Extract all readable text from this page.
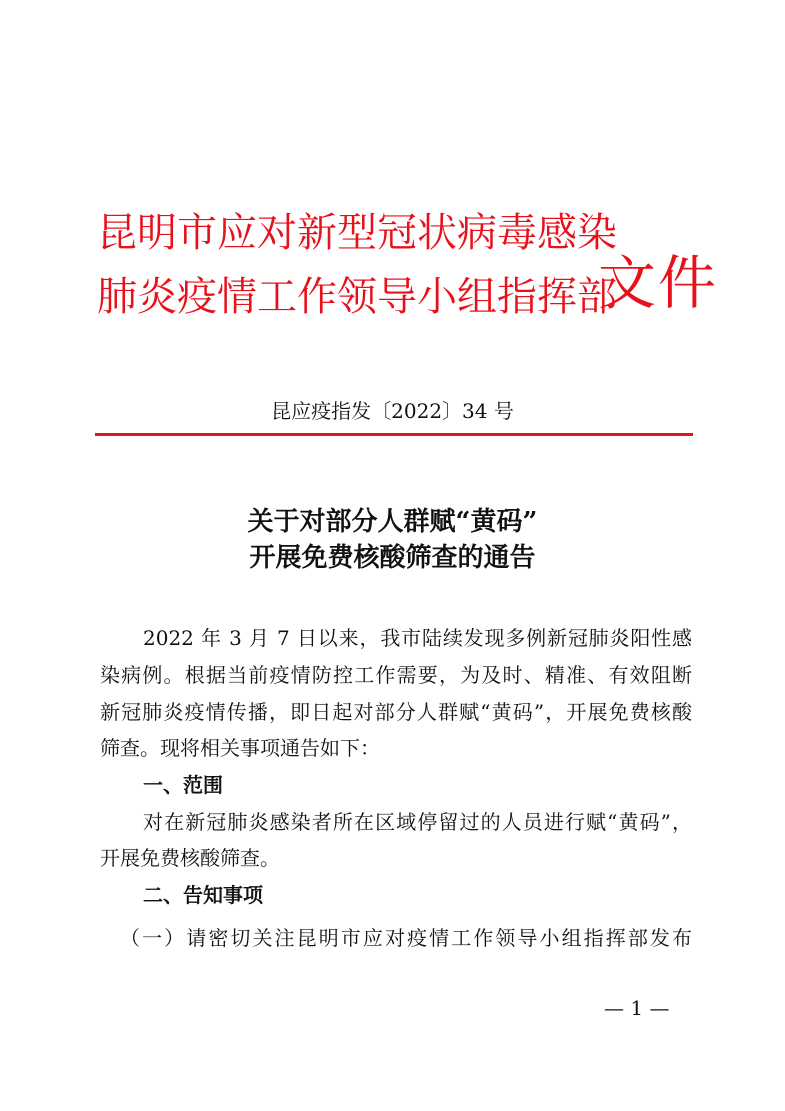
昆明市应对新型冠状病毒感染
肺炎疫情工作领导小组指挥部
文件
昆应疫指发〔2022〕34 号
关于对部分人群赋“黄码”
开展免费核酸筛查的通告
2022 年 3 月 7 日以来，我市陆续发现多例新冠肺炎阳性感
染病例。根据当前疫情防控工作需要，为及时、精准、有效阻断
新冠肺炎疫情传播，即日起对部分人群赋“黄码”，开展免费核酸
筛查。现将相关事项通告如下：
一、范围
对在新冠肺炎感染者所在区域停留过的人员进行赋“黄码”，
开展免费核酸筛查。
二、告知事项
（一）请密切关注昆明市应对疫情工作领导小组指挥部发布
— 1 —
